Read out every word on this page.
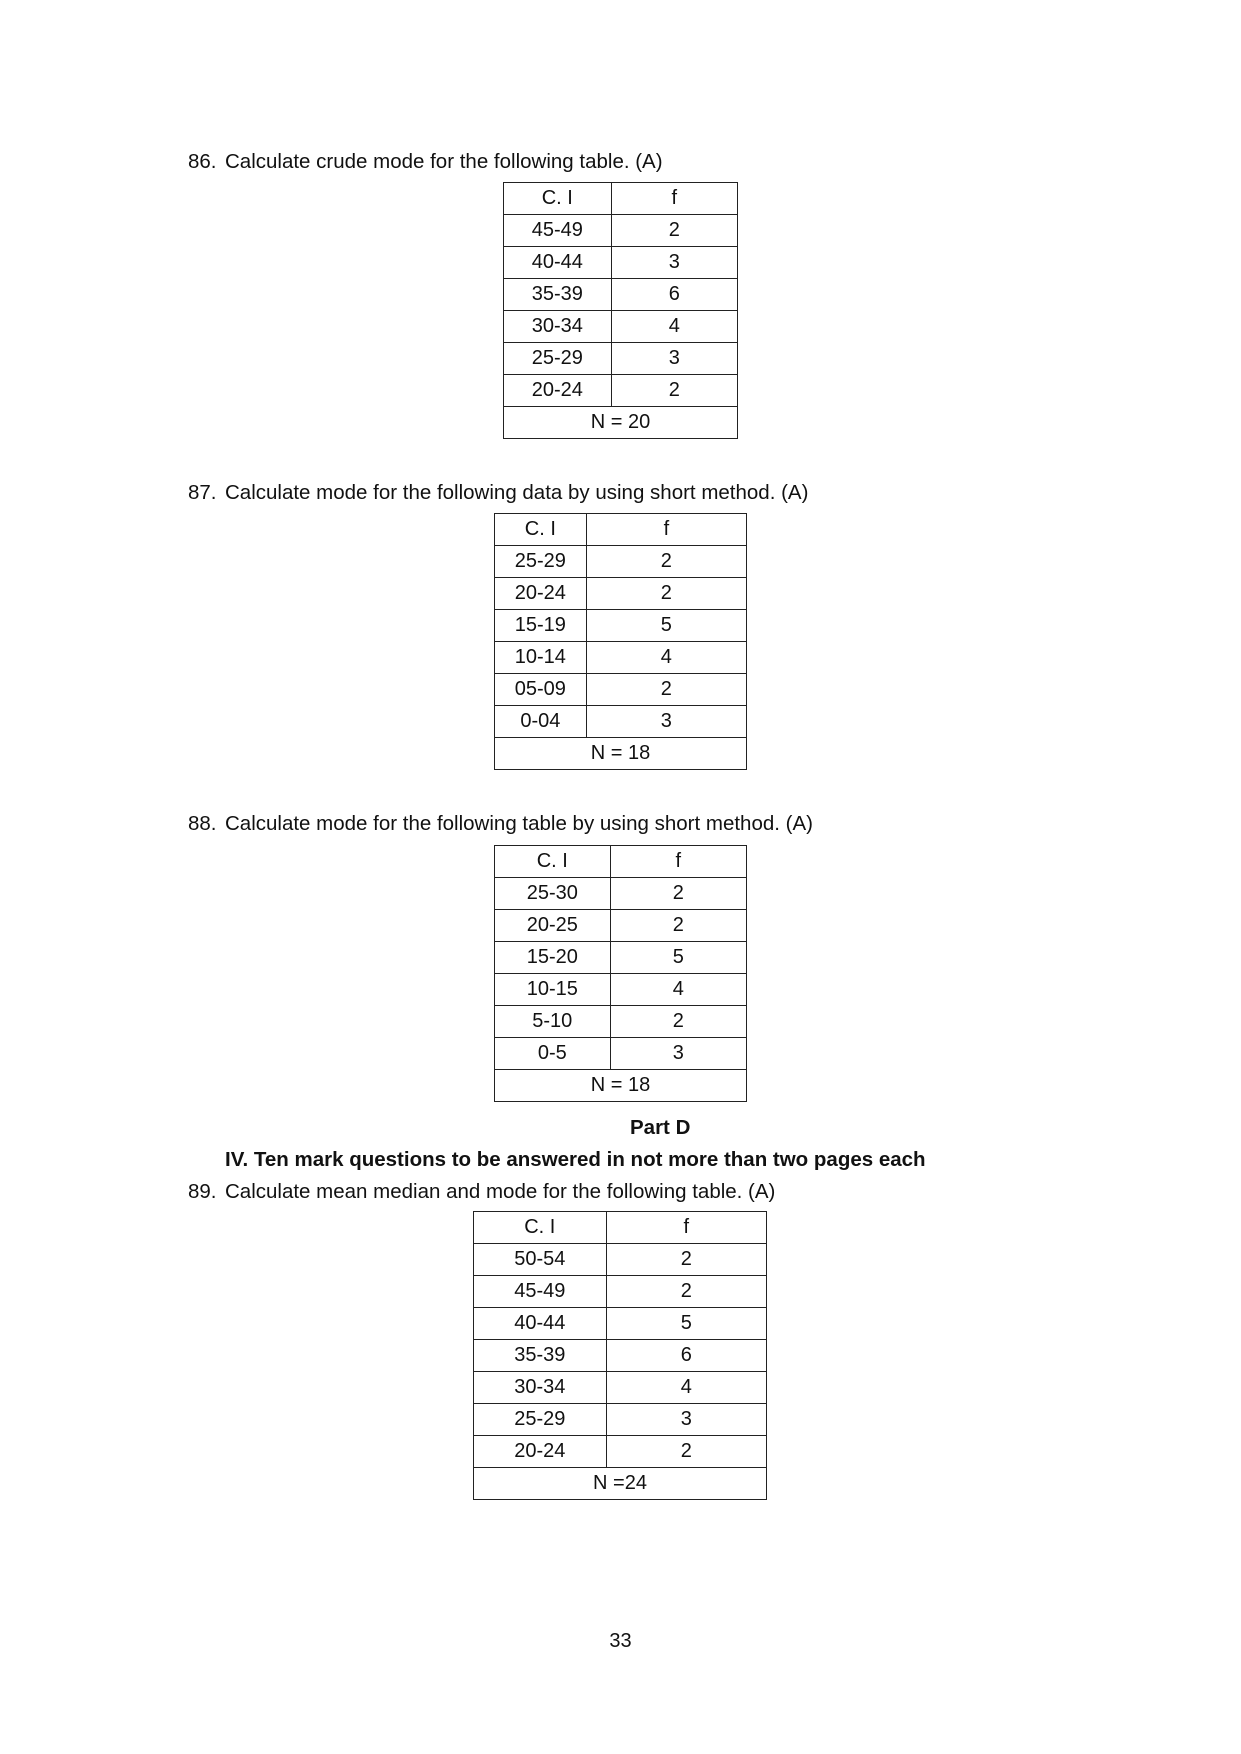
86. Calculate crude mode for the following table. (A)
C. I	f
45-49	2
40-44	3
35-39	6
30-34	4
25-29	3
20-24	2
N = 20	
87. Calculate mode for the following data by using short method. (A)
C. I	f
25-29	2
20-24	2
15-19	5
10-14	4
05-09	2
0-04	3
N = 18	
88. Calculate mode for the following table by using short method. (A)
C. I	f
25-30	2
20-25	2
15-20	5
10-15	4
5-10	2
0-5	3
N = 18	
Part D
IV. Ten mark questions to be answered in not more than two pages each
89. Calculate mean median and mode for the following table. (A)
C. I	f
50-54	2
45-49	2
40-44	5
35-39	6
30-34	4
25-29	3
20-24	2
N =24	
33
